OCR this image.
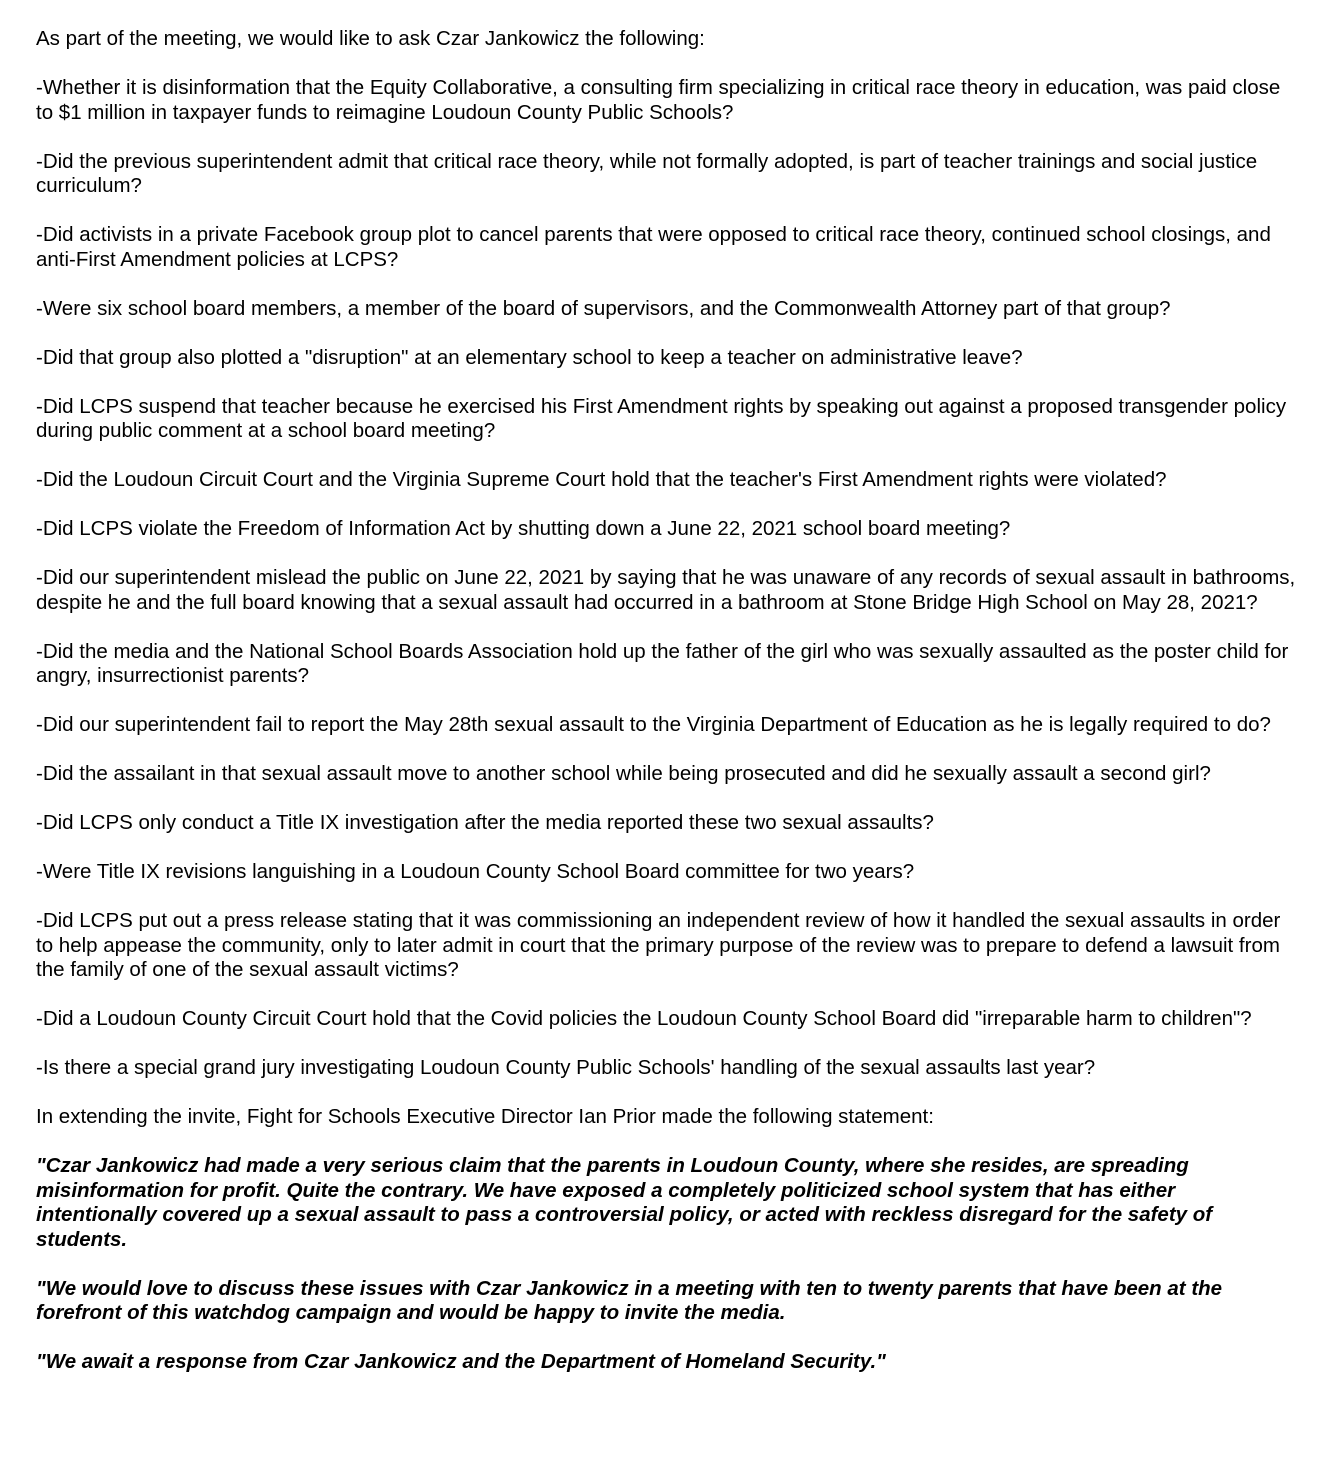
As part of the meeting, we would like to ask Czar Jankowicz the following:

-Whether it is disinformation that the Equity Collaborative, a consulting firm specializing in critical race theory in education, was paid close to $1 million in taxpayer funds to reimagine Loudoun County Public Schools?

-Did the previous superintendent admit that critical race theory, while not formally adopted, is part of teacher trainings and social justice curriculum?

-Did activists in a private Facebook group plot to cancel parents that were opposed to critical race theory, continued school closings, and anti-First Amendment policies at LCPS?

-Were six school board members, a member of the board of supervisors, and the Commonwealth Attorney part of that group?

-Did that group also plotted a "disruption" at an elementary school to keep a teacher on administrative leave?

-Did LCPS suspend that teacher because he exercised his First Amendment rights by speaking out against a proposed transgender policy during public comment at a school board meeting?

-Did the Loudoun Circuit Court and the Virginia Supreme Court hold that the teacher's First Amendment rights were violated?

-Did LCPS violate the Freedom of Information Act by shutting down a June 22, 2021 school board meeting?

-Did our superintendent mislead the public on June 22, 2021 by saying that he was unaware of any records of sexual assault in bathrooms, despite he and the full board knowing that a sexual assault had occurred in a bathroom at Stone Bridge High School on May 28, 2021?

-Did the media and the National School Boards Association hold up the father of the girl who was sexually assaulted as the poster child for angry, insurrectionist parents?

-Did our superintendent fail to report the May 28th sexual assault to the Virginia Department of Education as he is legally required to do?

-Did the assailant in that sexual assault move to another school while being prosecuted and did he sexually assault a second girl?

-Did LCPS only conduct a Title IX investigation after the media reported these two sexual assaults?

-Were Title IX revisions languishing in a Loudoun County School Board committee for two years?

-Did LCPS put out a press release stating that it was commissioning an independent review of how it handled the sexual assaults in order to help appease the community, only to later admit in court that the primary purpose of the review was to prepare to defend a lawsuit from the family of one of the sexual assault victims?

-Did a Loudoun County Circuit Court hold that the Covid policies the Loudoun County School Board did "irreparable harm to children"?

-Is there a special grand jury investigating Loudoun County Public Schools' handling of the sexual assaults last year?

In extending the invite, Fight for Schools Executive Director Ian Prior made the following statement:

"Czar Jankowicz had made a very serious claim that the parents in Loudoun County, where she resides, are spreading misinformation for profit. Quite the contrary. We have exposed a completely politicized school system that has either intentionally covered up a sexual assault to pass a controversial policy, or acted with reckless disregard for the safety of students.

"We would love to discuss these issues with Czar Jankowicz in a meeting with ten to twenty parents that have been at the forefront of this watchdog campaign and would be happy to invite the media.

"We await a response from Czar Jankowicz and the Department of Homeland Security."
